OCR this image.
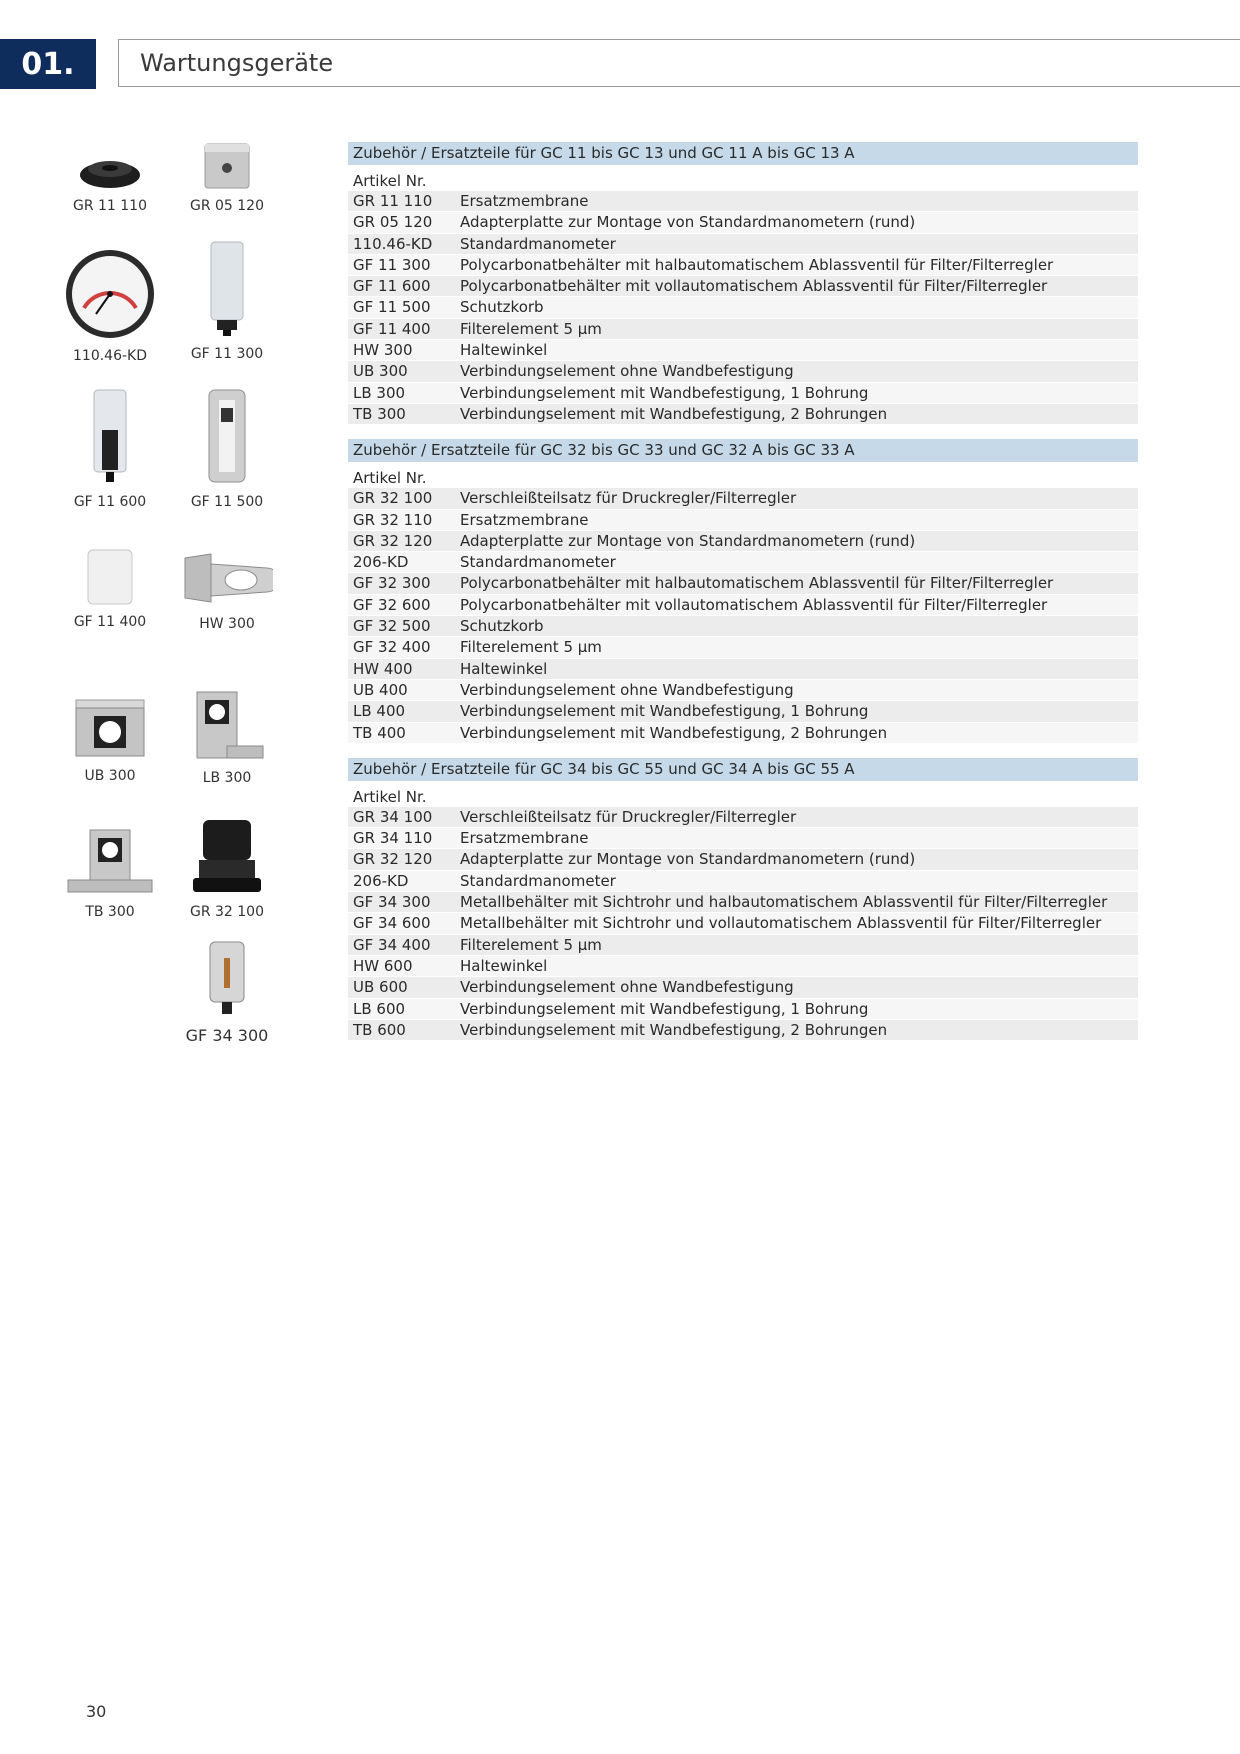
01.	Wartungsgeräte
GR 11 110	GR 05 120
110.46-KD	GF 11 300
GF 11 600	GF 11 500
GF 11 400	HW 300
UB 300	LB 300
TB 300	GR 32 100
GF 34 300
Zubehör / Ersatzteile für GC 11 bis GC 13 und GC 11 A bis GC 13 A
Artikel Nr.
GR 11 110	Ersatzmembrane
GR 05 120	Adapterplatte zur Montage von Standardmanometern (rund)
110.46-KD	Standardmanometer
GF 11 300	Polycarbonatbehälter mit halbautomatischem Ablassventil für Filter/Filterregler
GF 11 600	Polycarbonatbehälter mit vollautomatischem Ablassventil für Filter/Filterregler
GF 11 500	Schutzkorb
GF 11 400	Filterelement 5 µm
HW 300	Haltewinkel
UB 300	Verbindungselement ohne Wandbefestigung
LB 300	Verbindungselement mit Wandbefestigung, 1 Bohrung
TB 300	Verbindungselement mit Wandbefestigung, 2 Bohrungen
Zubehör / Ersatzteile für GC 32 bis GC 33 und GC 32 A bis GC 33 A
Artikel Nr.
GR 32 100	Verschleißteilsatz für Druckregler/Filterregler
GR 32 110	Ersatzmembrane
GR 32 120	Adapterplatte zur Montage von Standardmanometern (rund)
206-KD	Standardmanometer
GF 32 300	Polycarbonatbehälter mit halbautomatischem Ablassventil für Filter/Filterregler
GF 32 600	Polycarbonatbehälter mit vollautomatischem Ablassventil für Filter/Filterregler
GF 32 500	Schutzkorb
GF 32 400	Filterelement 5 µm
HW 400	Haltewinkel
UB 400	Verbindungselement ohne Wandbefestigung
LB 400	Verbindungselement mit Wandbefestigung, 1 Bohrung
TB 400	Verbindungselement mit Wandbefestigung, 2 Bohrungen
Zubehör / Ersatzteile für GC 34 bis GC 55 und GC 34 A bis GC 55 A
Artikel Nr.
GR 34 100	Verschleißteilsatz für Druckregler/Filterregler
GR 34 110	Ersatzmembrane
GR 32 120	Adapterplatte zur Montage von Standardmanometern (rund)
206-KD	Standardmanometer
GF 34 300	Metallbehälter mit Sichtrohr und halbautomatischem Ablassventil für Filter/Filterregler
GF 34 600	Metallbehälter mit Sichtrohr und vollautomatischem Ablassventil für Filter/Filterregler
GF 34 400	Filterelement 5 µm
HW 600	Haltewinkel
UB 600	Verbindungselement ohne Wandbefestigung
LB 600	Verbindungselement mit Wandbefestigung, 1 Bohrung
TB 600	Verbindungselement mit Wandbefestigung, 2 Bohrungen
30
